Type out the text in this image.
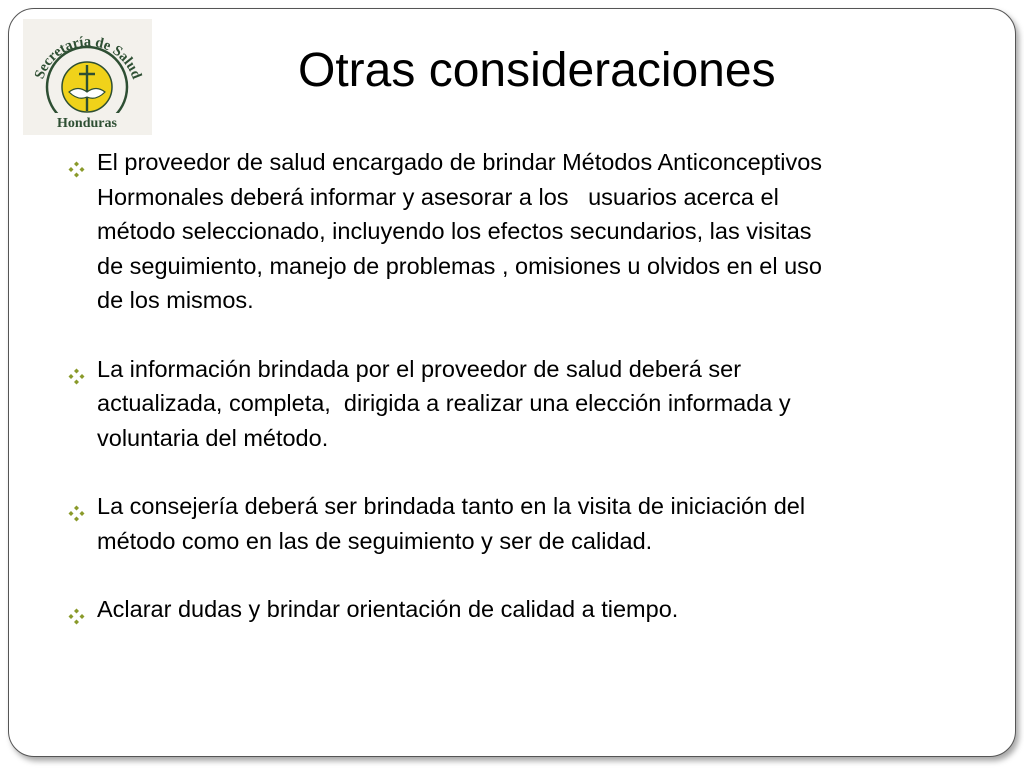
Secretaría de Salud
Honduras
Otras consideraciones
El proveedor de salud encargado de brindar Métodos Anticonceptivos
Hormonales deberá informar y asesorar a los   usuarios acerca el
método seleccionado, incluyendo los efectos secundarios, las visitas
de seguimiento, manejo de problemas , omisiones u olvidos en el uso
de los mismos.
La información brindada por el proveedor de salud deberá ser
actualizada, completa,  dirigida a realizar una elección informada y
voluntaria del método.
La consejería deberá ser brindada tanto en la visita de iniciación del
método como en las de seguimiento y ser de calidad.
Aclarar dudas y brindar orientación de calidad a tiempo.
